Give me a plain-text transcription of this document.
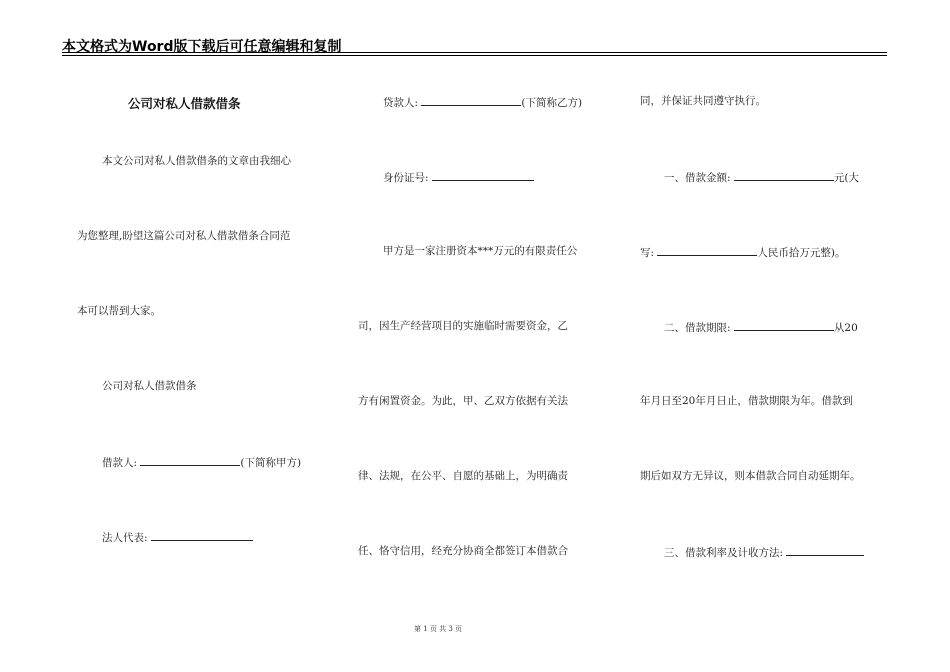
本文格式为Word版下载后可任意编辑和复制
公司对私人借款借条
本文公司对私人借款借条的文章由我细心
为您整理,盼望这篇公司对私人借款借条合同范
本可以帮到大家。
公司对私人借款借条
借款人:	(下简称甲方)
法人代表:
贷款人:	(下简称乙方)
身份证号:
甲方是一家注册资本***万元的有限责任公
司，因生产经营项目的实施临时需要资金，乙
方有闲置资金。为此，甲、乙双方依据有关法
律、法规，在公平、自愿的基础上，为明确责
任、恪守信用，经充分协商全都签订本借款合
同，并保证共同遵守执行。
一、借款金额:	元(大
写:	人民币拾万元整)。
二、借款期限:	从20
年月日至20年月日止，借款期限为年。借款到
期后如双方无异议，则本借款合同自动延期年。
三、借款利率及计收方法:
第 1 页 共 3 页
